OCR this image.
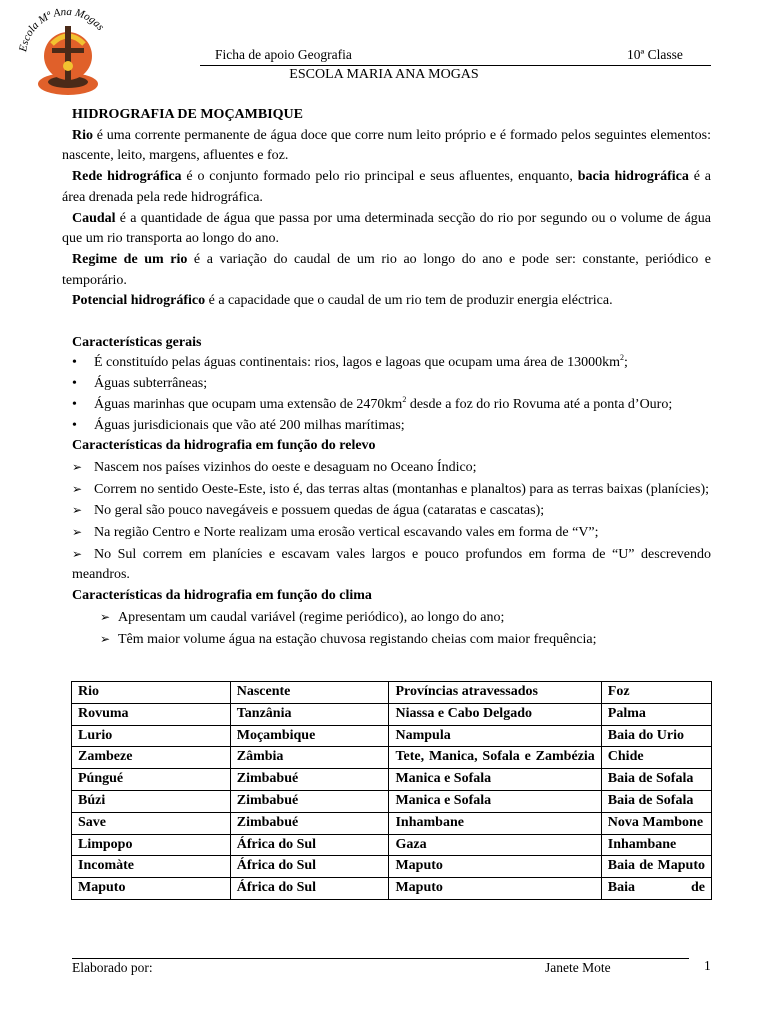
Escola Mª Ana Mogas
Ficha de apoio Geografia	10ª Classe
ESCOLA MARIA ANA MOGAS

HIDROGRAFIA DE MOÇAMBIQUE

Rio é uma corrente permanente de água doce que corre num leito próprio e é formado pelos seguintes elementos: nascente, leito, margens, afluentes e foz.

Rede hidrográfica é o conjunto formado pelo rio principal e seus afluentes, enquanto, bacia hidrográfica é a área drenada pela rede hidrográfica.

Caudal é a quantidade de água que passa por uma determinada secção do rio por segundo ou o volume de água que um rio transporta ao longo do ano.

Regime de um rio é a variação do caudal de um rio ao longo do ano e pode ser: constante, periódico e temporário.

Potencial hidrográfico é a capacidade que o caudal de um rio tem de produzir energia eléctrica.

Características gerais

• É constituído pelas águas continentais: rios, lagos e lagoas que ocupam uma área de $13000km^2$;

• Águas subterrâneas;

• Águas marinhas que ocupam uma extensão de $2470km^2$ desde a foz do rio Rovuma até a ponta d’Ouro;

• Águas jurisdicionais que vão até 200 milhas marítimas;

Características da hidrografia em função do relevo

➢ Nascem nos países vizinhos do oeste e desaguam no Oceano Índico;

➢ Correm no sentido Oeste-Este, isto é, das terras altas (montanhas e planaltos) para as terras baixas (planícies);

➢ No geral são pouco navegáveis e possuem quedas de água (cataratas e cascatas);

➢ Na região Centro e Norte realizam uma erosão vertical escavando vales em forma de “V”;

➢ No Sul correm em planícies e escavam vales largos e pouco profundos em forma de “U” descrevendo meandros.

Características da hidrografia em função do clima

➢ Apresentam um caudal variável (regime periódico), ao longo do ano;

➢ Têm maior volume água na estação chuvosa registando cheias com maior frequência;

Rio	Nascente	Províncias atravessados	Foz
Rovuma	Tanzânia	Niassa e Cabo Delgado	Palma
Lurio	Moçambique	Nampula	Baia do Urio
Zambeze	Zâmbia	Tete, Manica, Sofala e Zambézia	Chide
Púngué	Zimbabué	Manica e Sofala	Baia de Sofala
Búzi	Zimbabué	Manica e Sofala	Baia de Sofala
Save	Zimbabué	Inhambane	Nova Mambone
Limpopo	África do Sul	Gaza	Inhambane
Incomàte	África do Sul	Maputo	Baia de Maputo
Maputo	África do Sul	Maputo	Baia de
Elaborado por:	Janete Mote	1
